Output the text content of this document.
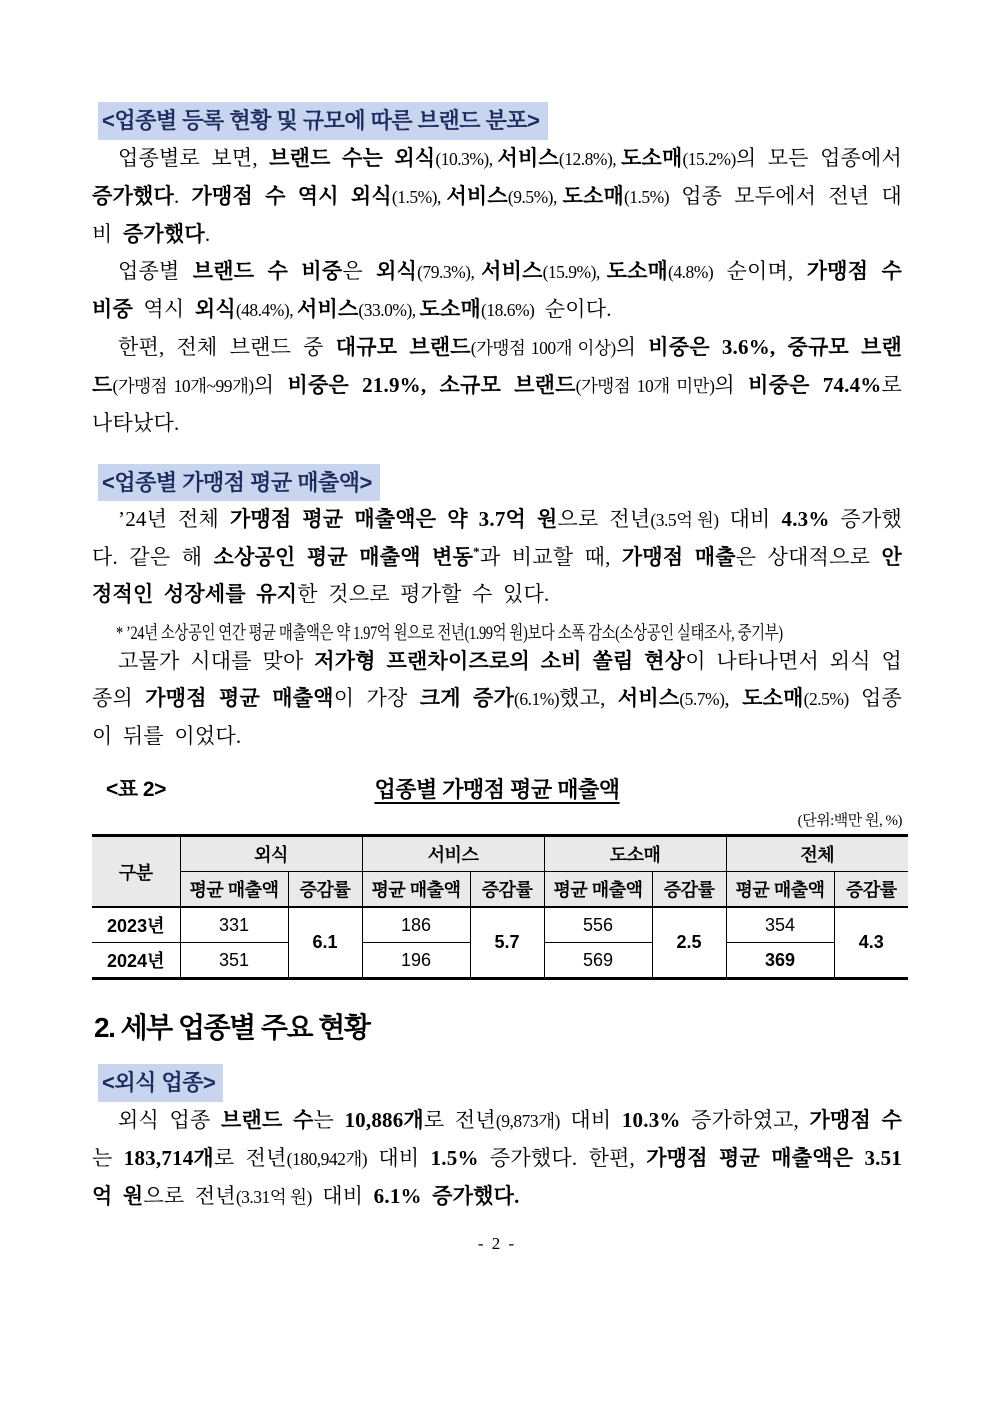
<업종별 등록 현황 및 규모에 따른 브랜드 분포>

업종별로 보면, 브랜드 수는 외식(10.3%), 서비스(12.8%), 도소매(15.2%)의 모든 업종에서 증가했다. 가맹점 수 역시 외식(1.5%), 서비스(9.5%), 도소매(1.5%) 업종 모두에서 전년 대비 증가했다.

업종별 브랜드 수 비중은 외식(79.3%), 서비스(15.9%), 도소매(4.8%) 순이며, 가맹점 수 비중 역시 외식(48.4%), 서비스(33.0%), 도소매(18.6%) 순이다.

한편, 전체 브랜드 중 대규모 브랜드(가맹점 100개 이상)의 비중은 3.6%, 중규모 브랜드(가맹점 10개~99개)의 비중은 21.9%, 소규모 브랜드(가맹점 10개 미만)의 비중은 74.4%로 나타났다.

<업종별 가맹점 평균 매출액>

’24년 전체 가맹점 평균 매출액은 약 3.7억 원으로 전년(3.5억 원) 대비 4.3% 증가했다. 같은 해 소상공인 평균 매출액 변동*과 비교할 때, 가맹점 매출은 상대적으로 안정적인 성장세를 유지한 것으로 평가할 수 있다.

* ’24년 소상공인 연간 평균 매출액은 약 1.97억 원으로 전년(1.99억 원)보다 소폭 감소(소상공인 실태조사, 중기부)

고물가 시대를 맞아 저가형 프랜차이즈로의 소비 쏠림 현상이 나타나면서 외식 업종의 가맹점 평균 매출액이 가장 크게 증가(6.1%)했고, 서비스(5.7%), 도소매(2.5%) 업종이 뒤를 이었다.

<표 2>	업종별 가맹점 평균 매출액
(단위:백만 원, %)
구분	외식		서비스		도소매		전체	
	평균 매출액	증감률	평균 매출액	증감률	평균 매출액	증감률	평균 매출액	증감률
2023년	331	6.1	186	5.7	556	2.5	354	4.3
2024년	351		196		569		369	
2. 세부 업종별 주요 현황
<외식 업종>

외식 업종 브랜드 수는 10,886개로 전년(9,873개) 대비 10.3% 증가하였고, 가맹점 수는 183,714개로 전년(180,942개) 대비 1.5% 증가했다. 한편, 가맹점 평균 매출액은 3.51억 원으로 전년(3.31억 원) 대비 6.1% 증가했다.

- 2 -
